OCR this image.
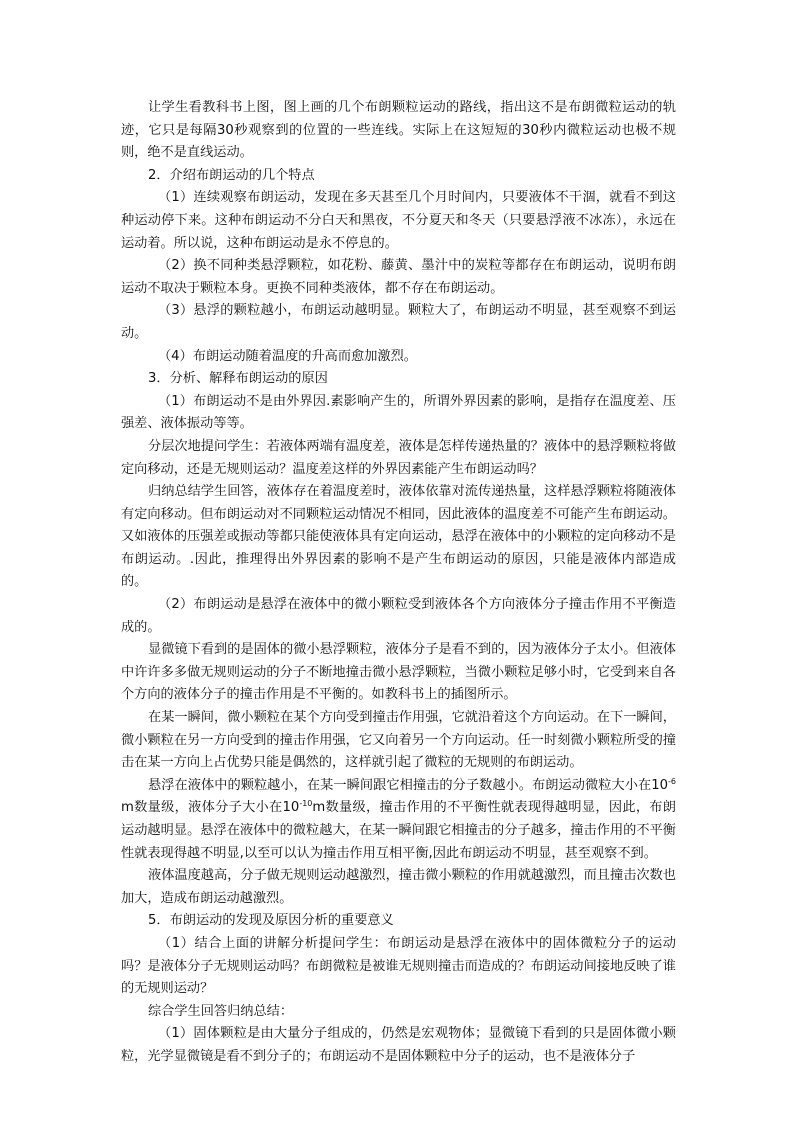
让学生看教科书上图，图上画的几个布朗颗粒运动的路线，指出这不是布朗微粒运动的轨迹，它只是每隔30秒观察到的位置的一些连线。实际上在这短短的30秒内微粒运动也极不规则，绝不是直线运动。

2．介绍布朗运动的几个特点

（1）连续观察布朗运动，发现在多天甚至几个月时间内，只要液体不干涸，就看不到这种运动停下来。这种布朗运动不分白天和黑夜，不分夏天和冬天（只要悬浮液不冰冻），永远在运动着。所以说，这种布朗运动是永不停息的。

（2）换不同种类悬浮颗粒，如花粉、藤黄、墨汁中的炭粒等都存在布朗运动，说明布朗运动不取决于颗粒本身。更换不同种类液体，都不存在布朗运动。

（3）悬浮的颗粒越小，布朗运动越明显。颗粒大了，布朗运动不明显，甚至观察不到运动。

（4）布朗运动随着温度的升高而愈加激烈。

3．分析、解释布朗运动的原因

（1）布朗运动不是由外界因.素影响产生的，所谓外界因素的影响，是指存在温度差、压强差、液体振动等等。

分层次地提问学生：若液体两端有温度差，液体是怎样传递热量的？液体中的悬浮颗粒将做定向移动，还是无规则运动？温度差这样的外界因素能产生布朗运动吗？

归纳总结学生回答，液体存在着温度差时，液体依靠对流传递热量，这样悬浮颗粒将随液体有定向移动。但布朗运动对不同颗粒运动情况不相同，因此液体的温度差不可能产生布朗运动。又如液体的压强差或振动等都只能使液体具有定向运动，悬浮在液体中的小颗粒的定向移动不是布朗运动。.因此，推理得出外界因素的影响不是产生布朗运动的原因，只能是液体内部造成的。

（2）布朗运动是悬浮在液体中的微小颗粒受到液体各个方向液体分子撞击作用不平衡造成的。

显微镜下看到的是固体的微小悬浮颗粒，液体分子是看不到的，因为液体分子太小。但液体中许许多多做无规则运动的分子不断地撞击微小悬浮颗粒，当微小颗粒足够小时，它受到来自各个方向的液体分子的撞击作用是不平衡的。如教科书上的插图所示。

在某一瞬间，微小颗粒在某个方向受到撞击作用强，它就沿着这个方向运动。在下一瞬间，微小颗粒在另一方向受到的撞击作用强，它又向着另一个方向运动。任一时刻微小颗粒所受的撞击在某一方向上占优势只能是偶然的，这样就引起了微粒的无规则的布朗运动。

悬浮在液体中的颗粒越小，在某一瞬间跟它相撞击的分子数越小。布朗运动微粒大小在$10^{-6}m$数量级，液体分子大小在$10^{-10}m$数量级，撞击作用的不平衡性就表现得越明显，因此，布朗运动越明显。悬浮在液体中的微粒越大，在某一瞬间跟它相撞击的分子越多，撞击作用的不平衡性就表现得越不明显,以至可以认为撞击作用互相平衡,因此布朗运动不明显，甚至观察不到。

液体温度越高，分子做无规则运动越激烈，撞击微小颗粒的作用就越激烈，而且撞击次数也加大，造成布朗运动越激烈。

5．布朗运动的发现及原因分析的重要意义

（1）结合上面的讲解分析提问学生：布朗运动是悬浮在液体中的固体微粒分子的运动吗？是液体分子无规则运动吗？布朗微粒是被谁无规则撞击而造成的？布朗运动间接地反映了谁的无规则运动？

综合学生回答归纳总结：

（1）固体颗粒是由大量分子组成的，仍然是宏观物体；显微镜下看到的只是固体微小颗粒，光学显微镜是看不到分子的；布朗运动不是固体颗粒中分子的运动，也不是液体分子
